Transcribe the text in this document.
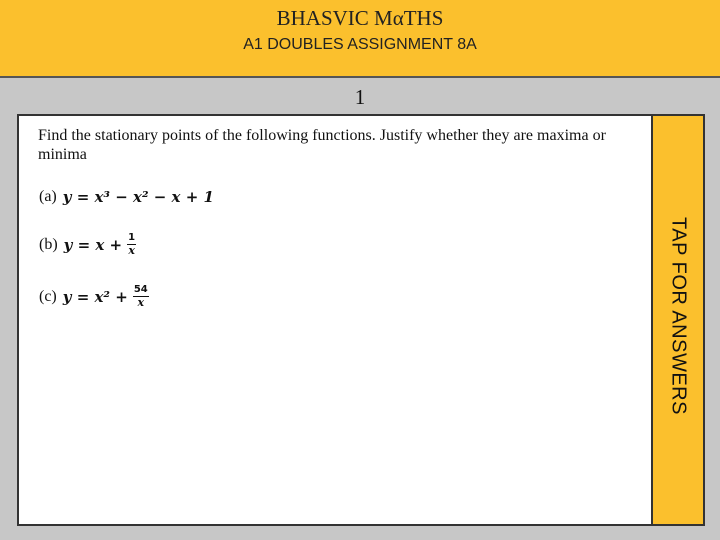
BHASVIC MαTHS
A1 DOUBLES ASSIGNMENT 8A
1
Find the stationary points of the following functions. Justify whether they are maxima or minima
(a) y = x³ − x² − x + 1
(b) $y = x + \frac{1}{x}$
(c) $y = x^2 + \frac{54}{x}$	TAP FOR ANSWERS
